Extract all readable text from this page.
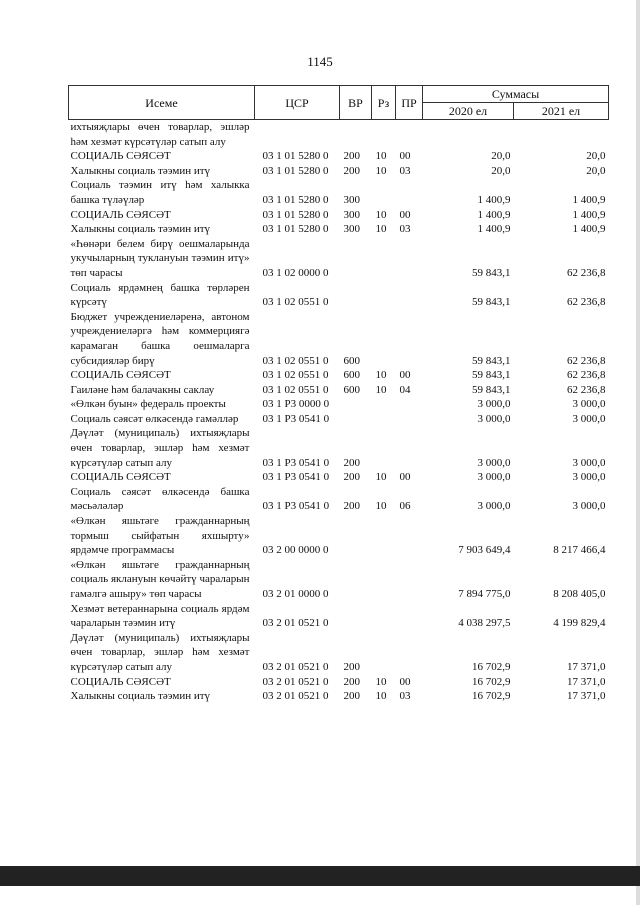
1145
Исеме	ЦСР	ВР	Рз	ПР	Суммасы	
					2020 ел	2021 ел
ихтыяҗлары өчен товарлар, эшләр һәм хезмәт күрсәтүләр сатып алу						
СОЦИАЛЬ СӘЯСӘТ	03 1 01 5280 0	200	10	00	20,0	20,0
Халыкны социаль тәэмин итү	03 1 01 5280 0	200	10	03	20,0	20,0
Социаль тәэмин итү һәм халыкка башка түләүләр	03 1 01 5280 0	300			1 400,9	1 400,9
СОЦИАЛЬ СӘЯСӘТ	03 1 01 5280 0	300	10	00	1 400,9	1 400,9
Халыкны социаль тәэмин итү	03 1 01 5280 0	300	10	03	1 400,9	1 400,9
«Һөнәри белем бирү оешмаларында укучыларның туклануын тәэмин итү» төп чарасы	03 1 02 0000 0				59 843,1	62 236,8
Социаль ярдәмнең башка төрләрен күрсәтү	03 1 02 0551 0				59 843,1	62 236,8
Бюджет учреждениеләренә, автоном учреждениеләргә һәм коммерциягә карамаган башка оешмаларга субсидияләр бирү	03 1 02 0551 0	600			59 843,1	62 236,8
СОЦИАЛЬ СӘЯСӘТ	03 1 02 0551 0	600	10	00	59 843,1	62 236,8
Гаиләне һәм балачакны саклау	03 1 02 0551 0	600	10	04	59 843,1	62 236,8
«Өлкән буын» федераль проекты	03 1 P3 0000 0				3 000,0	3 000,0
Социаль сәясәт өлкәсендә гамәлләр	03 1 P3 0541 0				3 000,0	3 000,0
Дәүләт (муниципаль) ихтыяҗлары өчен товарлар, эшләр һәм хезмәт күрсәтүләр сатып алу	03 1 P3 0541 0	200			3 000,0	3 000,0
СОЦИАЛЬ СӘЯСӘТ	03 1 P3 0541 0	200	10	00	3 000,0	3 000,0
Социаль сәясәт өлкәсендә башка мәсьәләләр	03 1 P3 0541 0	200	10	06	3 000,0	3 000,0
«Өлкән яшьтәге гражданнарның тормыш сыйфатын яхшырту» ярдәмче программасы	03 2 00 0000 0				7 903 649,4	8 217 466,4
«Өлкән яшьтәге гражданнарның социаль яклануын көчәйтү чараларын гамәлгә ашыру» төп чарасы	03 2 01 0000 0				7 894 775,0	8 208 405,0
Хезмәт ветераннарына социаль ярдәм чараларын тәэмин итү	03 2 01 0521 0				4 038 297,5	4 199 829,4
Дәүләт (муниципаль) ихтыяҗлары өчен товарлар, эшләр һәм хезмәт күрсәтүләр сатып алу	03 2 01 0521 0	200			16 702,9	17 371,0
СОЦИАЛЬ СӘЯСӘТ	03 2 01 0521 0	200	10	00	16 702,9	17 371,0
Халыкны социаль тәэмин итү	03 2 01 0521 0	200	10	03	16 702,9	17 371,0
